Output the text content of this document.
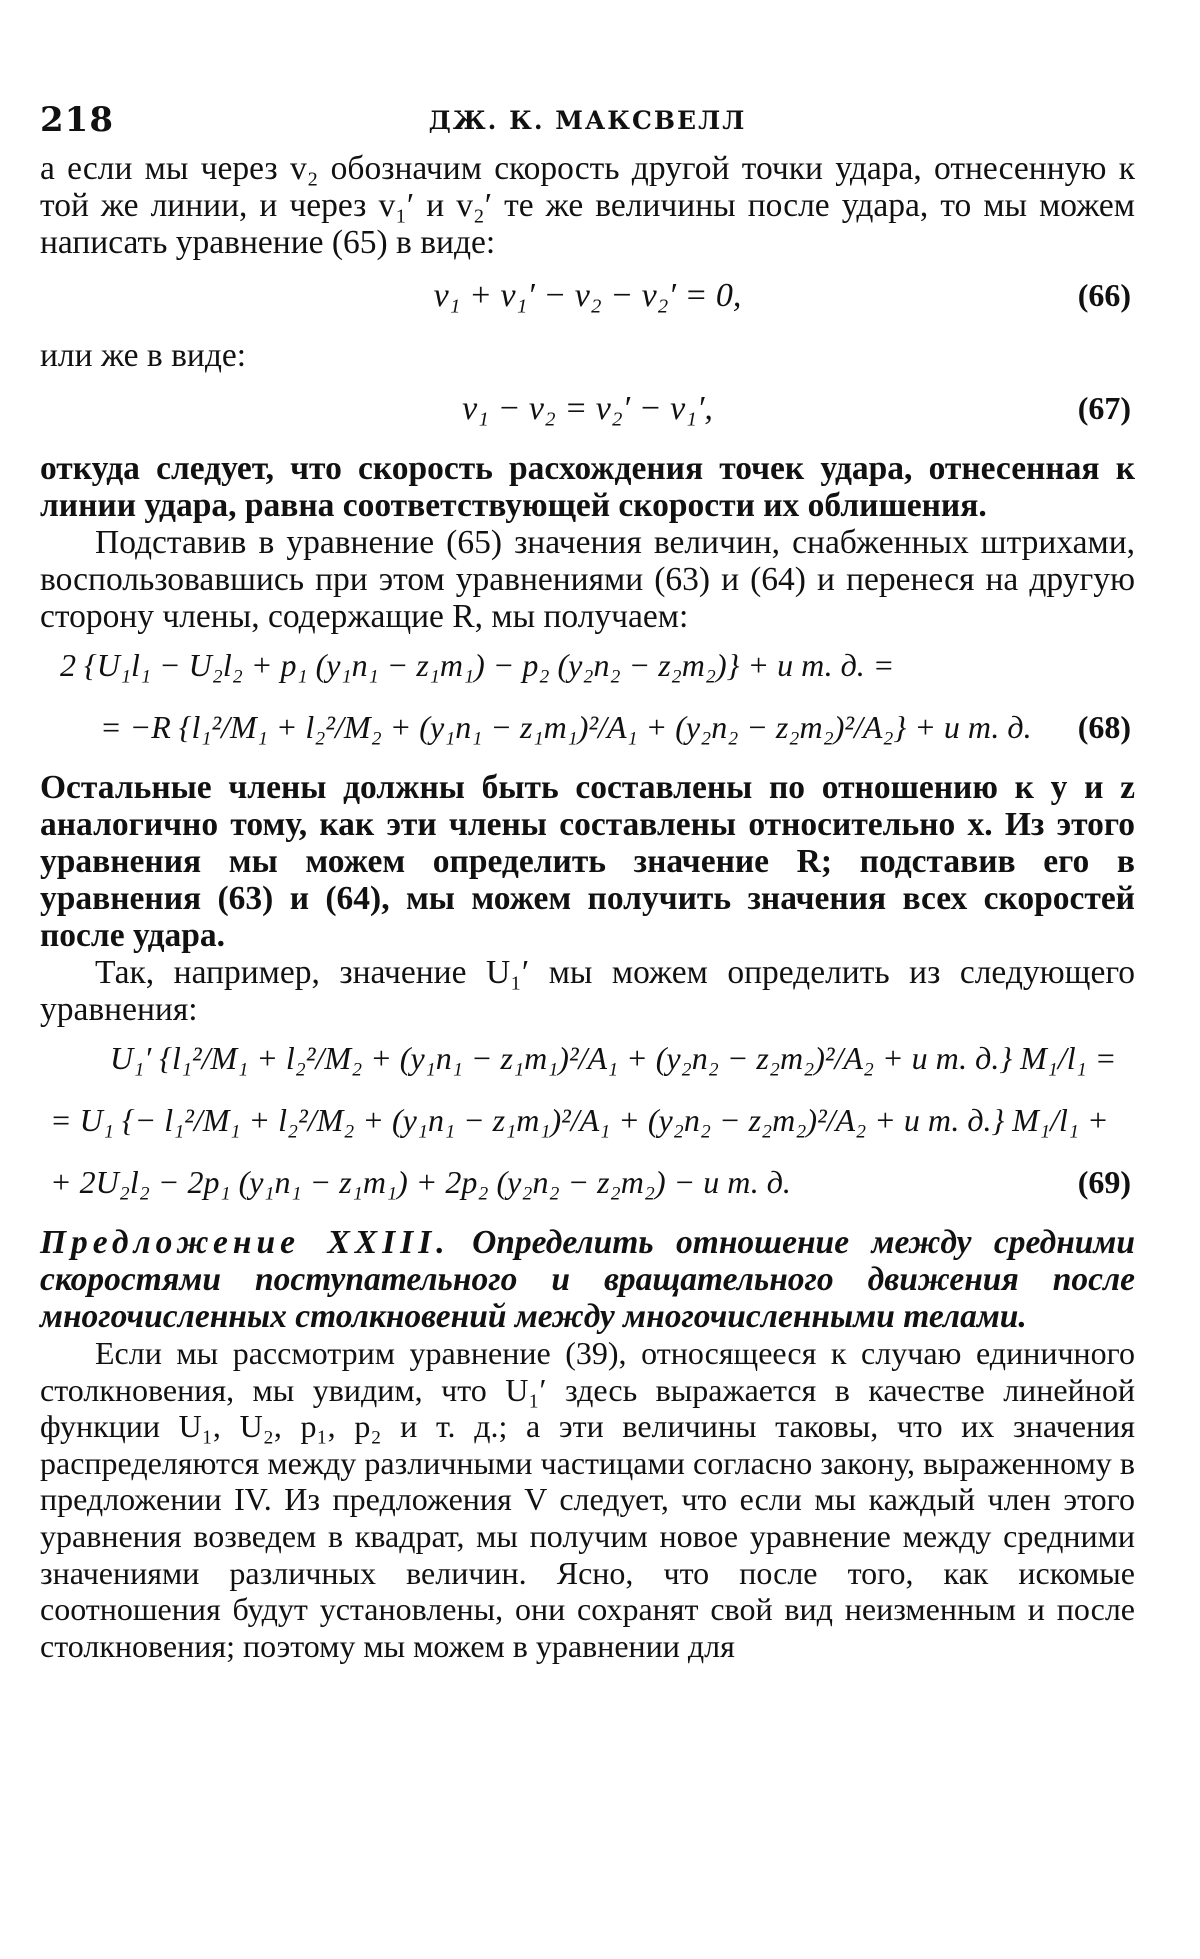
218	ДЖ. К. МАКСВЕЛЛ

а если мы через v₂ обозначим скорость другой точки удара, отнесенную к той же линии, и через v₁′ и v₂′ те же величины после удара, то мы можем написать уравнение (65) в виде:

v₁ + v₁′ − v₂ − v₂′ = 0,	(66)

или же в виде:

v₁ − v₂ = v₂′ − v₁′,	(67)

откуда следует, что скорость расхождения точек удара, отнесенная к линии удара, равна соответствующей скорости их облишения.

Подставив в уравнение (65) значения величин, снабженных штрихами, воспользовавшись при этом уравнениями (63) и (64) и перенеся на другую сторону члены, содержащие R, мы получаем:

2 {U₁l₁ − U₂l₂ + p₁ (y₁n₁ − z₁m₁) − p₂ (y₂n₂ − z₂m₂)} + и т. д. =
= −R {l₁²/M₁ + l₂²/M₂ + (y₁n₁ − z₁m₁)²/A₁ + (y₂n₂ − z₂m₂)²/A₂} + и т. д. (68)

Остальные члены должны быть составлены по отношению к y и z аналогично тому, как эти члены составлены относительно x. Из этого уравнения мы можем определить значение R; подставив его в уравнения (63) и (64), мы можем получить значения всех скоростей после удара.

Так, например, значение U₁′ мы можем определить из следующего уравнения:

U₁′ {l₁²/M₁ + l₂²/M₂ + (y₁n₁ − z₁m₁)²/A₁ + (y₂n₂ − z₂m₂)²/A₂ + и т. д.} M₁/l₁ =
= U₁ {− l₁²/M₁ + l₂²/M₂ + (y₁n₁ − z₁m₁)²/A₁ + (y₂n₂ − z₂m₂)²/A₂ + и т. д.} M₁/l₁ +
+ 2U₂l₂ − 2p₁ (y₁n₁ − z₁m₁) + 2p₂ (y₂n₂ − z₂m₂) − и т. д.	(69)

Предложение XXIII. Определить отношение между средними скоростями поступательного и вращательного движения после многочисленных столкновений между многочисленными телами.

Если мы рассмотрим уравнение (39), относящееся к случаю единичного столкновения, мы увидим, что U₁′ здесь выражается в качестве линейной функции U₁, U₂, p₁, p₂ и т. д.; а эти величины таковы, что их значения распределяются между различными частицами согласно закону, выраженному в предложении IV. Из предложения V следует, что если мы каждый член этого уравнения возведем в квадрат, мы получим новое уравнение между средними значениями различных величин. Ясно, что после того, как искомые соотношения будут установлены, они сохранят свой вид неизменным и после столкновения; поэтому мы можем в уравнении для
